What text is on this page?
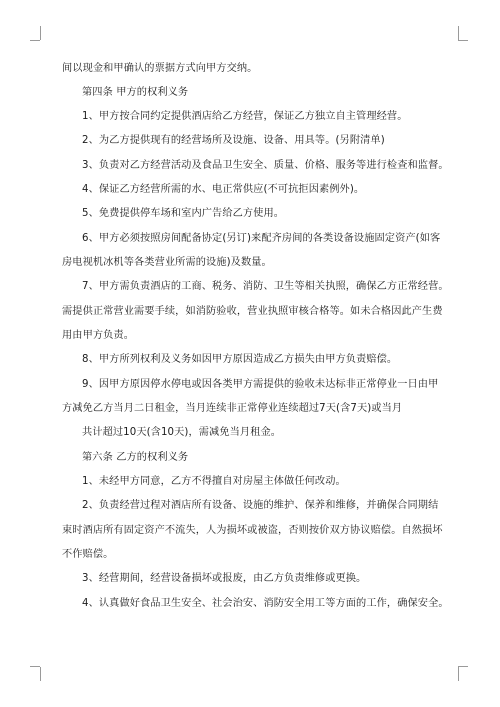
间以现金和甲确认的票据方式向甲方交纳。
第四条 甲方的权利义务
1、甲方按合同约定提供酒店给乙方经营，保证乙方独立自主管理经营。
2、为乙方提供现有的经营场所及设施、设备、用具等。(另附清单)
3、负责对乙方经营活动及食品卫生安全、质量、价格、服务等进行检查和监督。
4、保证乙方经营所需的水、电正常供应(不可抗拒因素例外)。
5、免费提供停车场和室内广告给乙方使用。
6、甲方必须按照房间配备协定(另订)来配齐房间的各类设备设施固定资产(如客
房电视机冰机等各类营业所需的设施)及数量。
7、甲方需负责酒店的工商、税务、消防、卫生等相关执照，确保乙方正常经营。
需提供正常营业需要手续，如消防验收，营业执照审核合格等。如未合格因此产生费
用由甲方负责。
8、甲方所列权利及义务如因甲方原因造成乙方损失由甲方负责赔偿。
9、因甲方原因停水停电或因各类甲方需提供的验收未达标非正常停业一日由甲
方减免乙方当月二日租金，当月连续非正常停业连续超过7天(含7天)或当月
共计超过10天(含10天)，需减免当月租金。
第六条 乙方的权利义务
1、未经甲方同意，乙方不得擅自对房屋主体做任何改动。
2、负责经营过程对酒店所有设备、设施的维护、保养和维修，并确保合同期结
束时酒店所有固定资产不流失，人为损坏或被盗，否则按价双方协议赔偿。自然损坏
不作赔偿。
3、经营期间，经营设备损坏或报废，由乙方负责维修或更换。
4、认真做好食品卫生安全、社会治安、消防安全用工等方面的工作，确保安全。
